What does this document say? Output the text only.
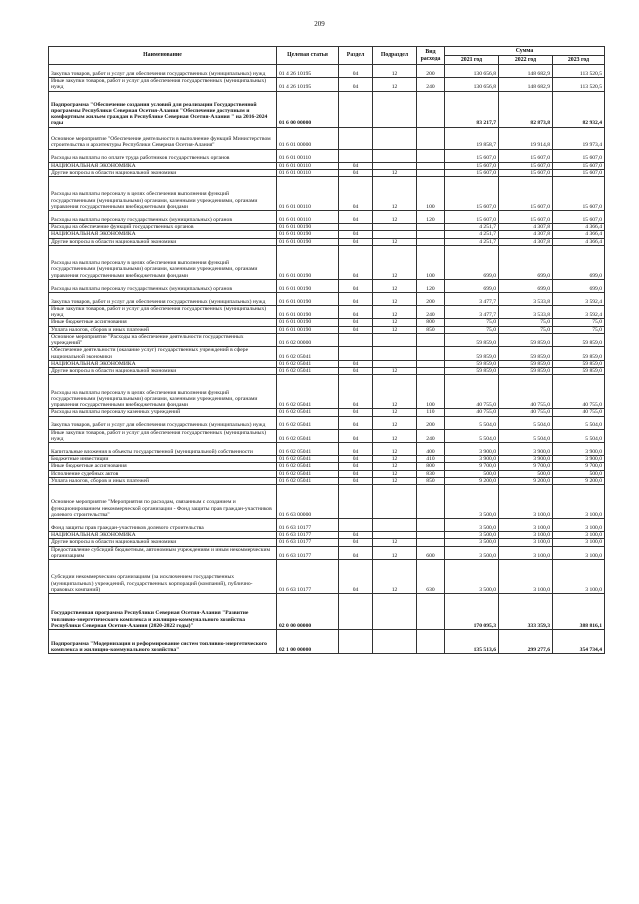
209
Наименование	Целевая статья	Раздел	Подраздел	Вид расхода	Сумма		
					2021 год	2022 год	2023 год
Закупка товаров, работ и услуг для обеспечения государственных (муниципальных) нужд	01 4 26 10195	04	12	200	130 656,8	148 682,9	113 520,5
Иные закупки товаров, работ и услуг для обеспечения государственных (муниципальных) нужд	01 4 26 10195	04	12	240	130 656,8	148 682,9	113 520,5
Подпрограмма "Обеспечение создания условий для реализации Государственной программы Республики Северная Осетия-Алания "Обеспечение доступным и комфортным жильем граждан в Республике Северная Осетия-Алания " на 2016-2024 годы	01 6 00 00000				83 217,7	82 873,8	82 932,4
Основное мероприятие "Обеспечение деятельности в выполнение функций Министерством строительства и архитектуры Республики Северная Осетия-Алания"	01 6 01 00000				19 858,7	19 914,8	19 973,4
Расходы на выплаты по оплате труда работников государственных органов	01 6 01 00110				15 607,0	15 607,0	15 607,0
НАЦИОНАЛЬНАЯ ЭКОНОМИКА	01 6 01 00110	04			15 607,0	15 607,0	15 607,0
Другие вопросы в области национальной экономики	01 6 01 00110	04	12		15 607,0	15 607,0	15 607,0
Расходы на выплаты персоналу в целях обеспечения выполнения функций государственными (муниципальными) органами, казенными учреждениями, органами управления государственными внебюджетными фондами	01 6 01 00110	04	12	100	15 607,0	15 607,0	15 607,0
Расходы на выплаты персоналу государственных (муниципальных) органов	01 6 01 00110	04	12	120	15 607,0	15 607,0	15 607,0
Расходы на обеспечение функций государственных органов	01 6 01 00190				4 251,7	4 307,8	4 366,4
НАЦИОНАЛЬНАЯ ЭКОНОМИКА	01 6 01 00190	04			4 251,7	4 307,8	4 366,4
Другие вопросы в области национальной экономики	01 6 01 00190	04	12		4 251,7	4 307,8	4 366,4
Расходы на выплаты персоналу в целях обеспечения выполнения функций государственными (муниципальными) органами, казенными учреждениями, органами управления государственными внебюджетными фондами	01 6 01 00190	04	12	100	699,0	699,0	699,0
Расходы на выплаты персоналу государственных (муниципальных) органов	01 6 01 00190	04	12	120	699,0	699,0	699,0
Закупка товаров, работ и услуг для обеспечения государственных (муниципальных) нужд	01 6 01 00190	04	12	200	3 477,7	3 533,8	3 592,4
Иные закупки товаров, работ и услуг для обеспечения государственных (муниципальных) нужд	01 6 01 00190	04	12	240	3 477,7	3 533,8	3 592,4
Иные бюджетные ассигнования	01 6 01 00190	04	12	800	75,0	75,0	75,0
Уплата налогов, сборов и иных платежей	01 6 01 00190	04	12	850	75,0	75,0	75,0
Основное мероприятие "Расходы на обеспечение деятельности государственных учреждений"	01 6 02 00000				59 859,0	59 859,0	59 859,0
Обеспечение деятельности (оказание услуг) государственных учреждений в сфере национальной экономики	01 6 02 05041				59 859,0	59 859,0	59 859,0
НАЦИОНАЛЬНАЯ ЭКОНОМИКА	01 6 02 05041	04			59 859,0	59 859,0	59 859,0
Другие вопросы в области национальной экономики	01 6 02 05041	04	12		59 859,0	59 859,0	59 859,0
Расходы на выплаты персоналу в целях обеспечения выполнения функций государственными (муниципальными) органами, казенными учреждениями, органами управления государственными внебюджетными фондами	01 6 02 05041	04	12	100	40 755,0	40 755,0	40 755,0
Расходы на выплаты персоналу казенных учреждений	01 6 02 05041	04	12	110	40 755,0	40 755,0	40 755,0
Закупка товаров, работ и услуг для обеспечения государственных (муниципальных) нужд	01 6 02 05041	04	12	200	5 504,0	5 504,0	5 504,0
Иные закупки товаров, работ и услуг для обеспечения государственных (муниципальных) нужд	01 6 02 05041	04	12	240	5 504,0	5 504,0	5 504,0
Капитальные вложения в объекты государственной (муниципальной) собственности	01 6 02 05041	04	12	400	3 900,0	3 900,0	3 900,0
Бюджетные инвестиции	01 6 02 05041	04	12	410	3 900,0	3 900,0	3 900,0
Иные бюджетные ассигнования	01 6 02 05041	04	12	800	9 700,0	9 700,0	9 700,0
Исполнение судебных актов	01 6 02 05041	04	12	830	500,0	500,0	500,0
Уплата налогов, сборов и иных платежей	01 6 02 05041	04	12	850	9 200,0	9 200,0	9 200,0
Основное мероприятие "Мероприятия по расходам, связанным с созданием и функционированием некоммерческой организации - Фонд защиты прав граждан-участников долевого строительства"	01 6 63 00000				3 500,0	3 100,0	3 100,0
Фонд защиты прав граждан-участников долевого строительства	01 6 63 10177				3 500,0	3 100,0	3 100,0
НАЦИОНАЛЬНАЯ ЭКОНОМИКА	01 6 63 10177	04			3 500,0	3 100,0	3 100,0
Другие вопросы в области национальной экономики	01 6 63 10177	04	12		3 500,0	3 100,0	3 100,0
Предоставление субсидий бюджетным, автономным учреждениям и иным некоммерческим организациям	01 6 63 10177	04	12	600	3 500,0	3 100,0	3 100,0
Субсидии некоммерческим организациям (за исключением государственных (муниципальных) учреждений, государственных корпораций (компаний), публично-правовых компаний)	01 6 63 10177	04	12	630	3 500,0	3 100,0	3 100,0
Государственная программа Республики Северная Осетия-Алания "Развитие топливно-энергетического комплекса и жилищно-коммунального хозяйства Республики Северная Осетия-Алания (2020-2022 годы)"	02 0 00 00000				170 095,3	333 359,3	388 816,1
Подпрограмма "Модернизация и реформирование систем топливно-энергетического комплекса и жилищно-коммунального хозяйства"	02 1 00 00000				135 513,6	299 277,6	354 734,4
